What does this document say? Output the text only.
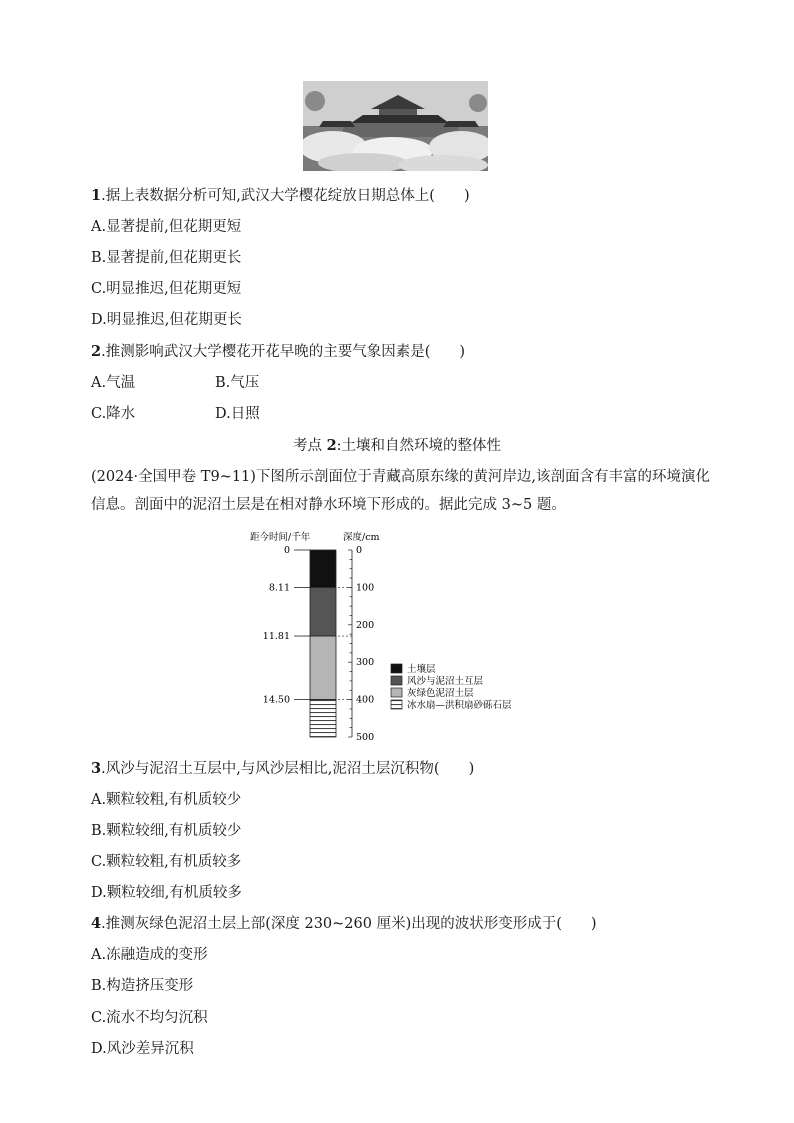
1.据上表数据分析可知,武汉大学樱花绽放日期总体上(　　)
A.显著提前,但花期更短
B.显著提前,但花期更长
C.明显推迟,但花期更短
D.明显推迟,但花期更长
2.推测影响武汉大学樱花开花早晚的主要气象因素是(　　)
A.气温	B.气压
C.降水	D.日照
考点 2:土壤和自然环境的整体性
(2024·全国甲卷 T9~11)下图所示剖面位于青藏高原东缘的黄河岸边,该剖面含有丰富的环境演化信息。剖面中的泥沼土层是在相对静水环境下形成的。据此完成 3~5 题。
距今时间/千年	深度/cm
0
8.11
11.81
14.50
0
100
200
300
400
500
土壤层
风沙与泥沼土互层
灰绿色泥沼土层
冰水扇—洪积扇砂砾石层
3.风沙与泥沼土互层中,与风沙层相比,泥沼土层沉积物(　　)
A.颗粒较粗,有机质较少
B.颗粒较细,有机质较少
C.颗粒较粗,有机质较多
D.颗粒较细,有机质较多
4.推测灰绿色泥沼土层上部(深度 230~260 厘米)出现的波状形变形成于(　　)
A.冻融造成的变形
B.构造挤压变形
C.流水不均匀沉积
D.风沙差异沉积
